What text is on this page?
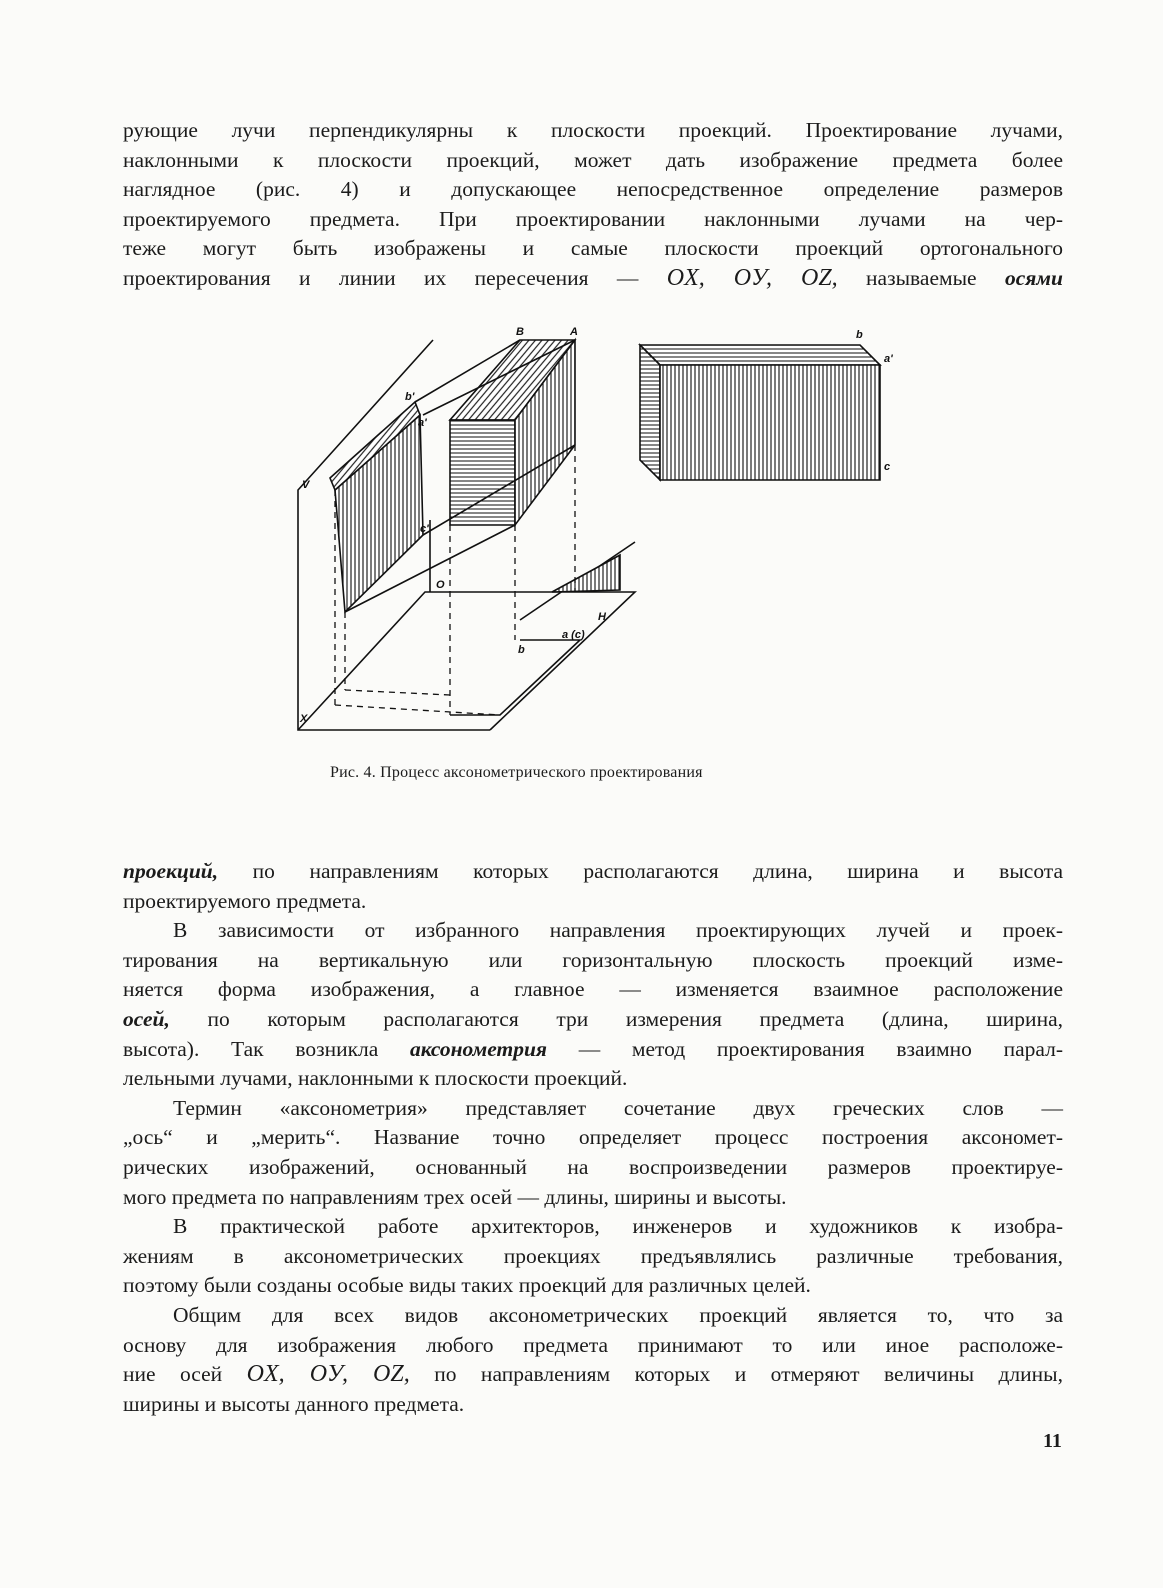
рующие лучи перпендикулярны к плоскости проекций. Проектирование лучами,
наклонными к плоскости проекций, может дать изображение предмета более
наглядное (рис. 4) и допускающее непосредственное определение размеров
проектируемого предмета. При проектировании наклонными лучами на чер-
теже могут быть изображены и самые плоскости проекций ортогонального
проектирования и линии их пересечения — OX, OУ, OZ, называемые осями
B	A
b'
a'
c'
V
O
H
a (c)
b
X
b
a'
c
Рис. 4. Процесс аксонометрического проектирования
проекций, по направлениям которых располагаются длина, ширина и высота
проектируемого предмета.
В зависимости от избранного направления проектирующих лучей и проек-
тирования на вертикальную или горизонтальную плоскость проекций изме-
няется форма изображения, а главное — изменяется взаимное расположение
осей, по которым располагаются три измерения предмета (длина, ширина,
высота). Так возникла аксонометрия — метод проектирования взаимно парал-
лельными лучами, наклонными к плоскости проекций.
Термин «аксонометрия» представляет сочетание двух греческих слов —
„ось“ и „мерить“. Название точно определяет процесс построения аксономет-
рических изображений, основанный на воспроизведении размеров проектируе-
мого предмета по направлениям трех осей — длины, ширины и высоты.
В практической работе архитекторов, инженеров и художников к изобра-
жениям в аксонометрических проекциях предъявлялись различные требования,
поэтому были созданы особые виды таких проекций для различных целей.
Общим для всех видов аксонометрических проекций является то, что за
основу для изображения любого предмета принимают то или иное расположе-
ние осей OX, OУ, OZ, по направлениям которых и отмеряют величины длины,
ширины и высоты данного предмета.
11
